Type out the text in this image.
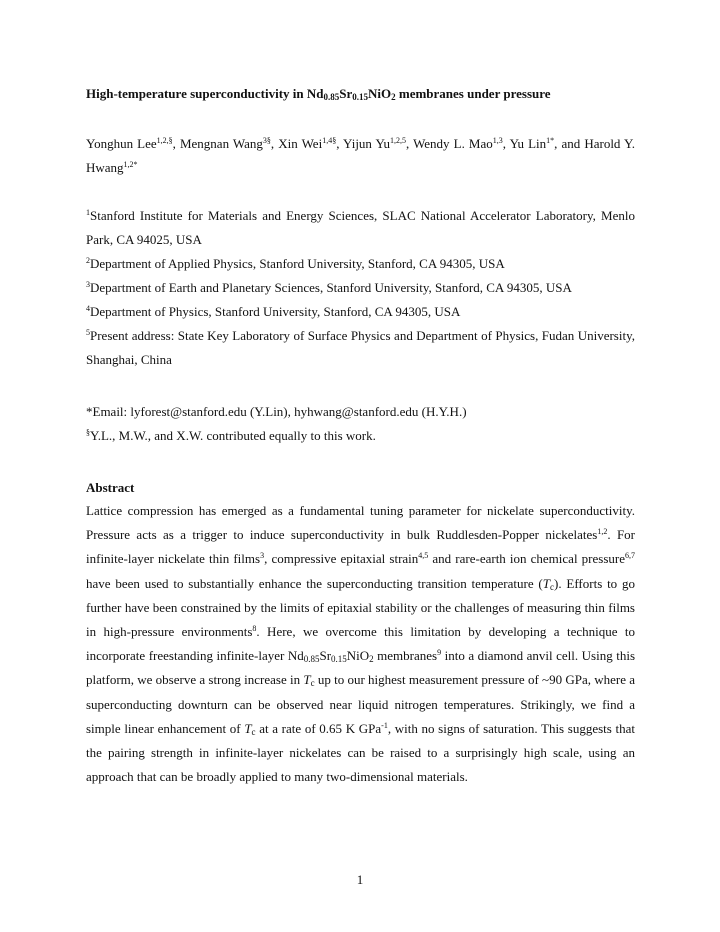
High-temperature superconductivity in $Nd_{0.85}Sr_{0.15}NiO_2$ membranes under pressure

Yonghun Lee$^{1,2,\S}$, Mengnan Wang$^{3\S}$, Xin Wei$^{1,4\S}$, Yijun Yu$^{1,2,5}$, Wendy L. Mao$^{1,3}$, Yu Lin$^{1*}$, and Harold Y. Hwang$^{1,2*}$

$^1$Stanford Institute for Materials and Energy Sciences, SLAC National Accelerator Laboratory, Menlo Park, CA 94025, USA

$^2$Department of Applied Physics, Stanford University, Stanford, CA 94305, USA

$^3$Department of Earth and Planetary Sciences, Stanford University, Stanford, CA 94305, USA

$^4$Department of Physics, Stanford University, Stanford, CA 94305, USA

$^5$Present address: State Key Laboratory of Surface Physics and Department of Physics, Fudan University, Shanghai, China

*Email: lyforest@stanford.edu (Y.Lin), hyhwang@stanford.edu (H.Y.H.)

§Y.L., M.W., and X.W. contributed equally to this work.

Abstract

Lattice compression has emerged as a fundamental tuning parameter for nickelate superconductivity. Pressure acts as a trigger to induce superconductivity in bulk Ruddlesden-Popper nickelates$^{1,2}$. For infinite-layer nickelate thin films$^3$, compressive epitaxial strain$^{4,5}$ and rare-earth ion chemical pressure$^{6,7}$ have been used to substantially enhance the superconducting transition temperature $(T_c)$. Efforts to go further have been constrained by the limits of epitaxial stability or the challenges of measuring thin films in high-pressure environments$^8$. Here, we overcome this limitation by developing a technique to incorporate freestanding infinite-layer $Nd_{0.85}Sr_{0.15}NiO_2$ membranes$^9$ into a diamond anvil cell. Using this platform, we observe a strong increase in $T_c$ up to our highest measurement pressure of ~90 GPa, where a superconducting downturn can be observed near liquid nitrogen temperatures. Strikingly, we find a simple linear enhancement of $T_c$ at a rate of 0.65 K GPa$^{-1}$, with no signs of saturation. This suggests that the pairing strength in infinite-layer nickelates can be raised to a surprisingly high scale, using an approach that can be broadly applied to many two-dimensional materials.

1
